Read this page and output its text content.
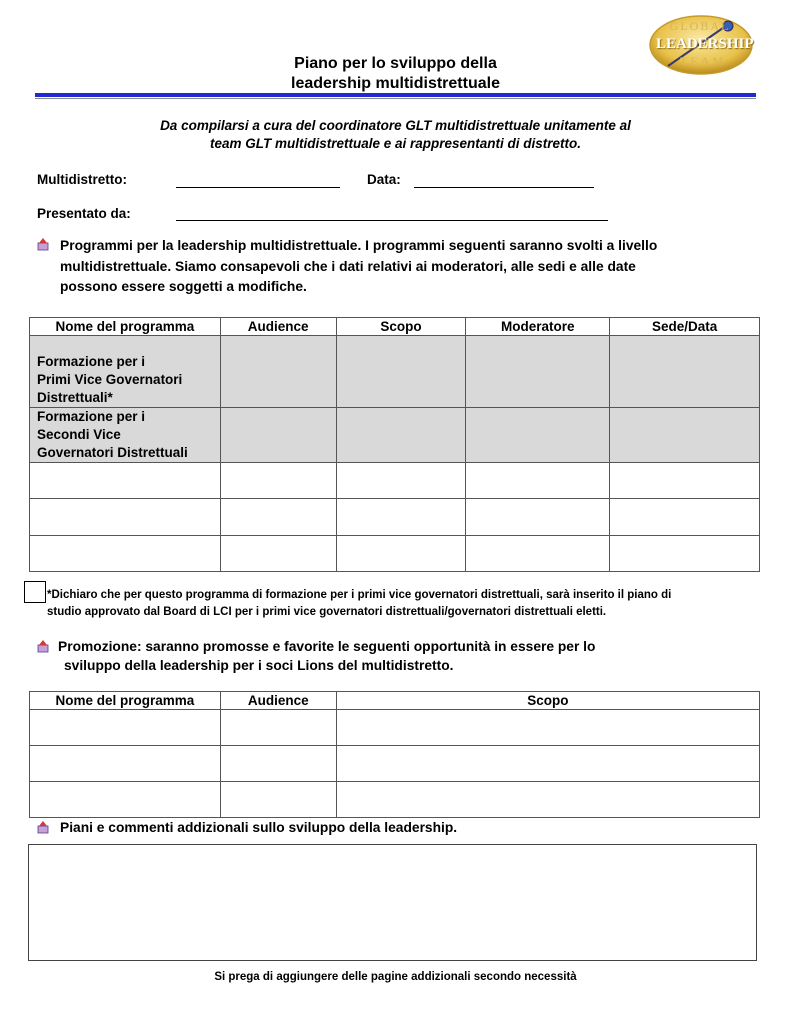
GLOBAL
LEADERSHIP
TEAM
Piano per lo sviluppo della
leadership multidistrettuale
Da compilarsi a cura del coordinatore GLT multidistrettuale unitamente al
team GLT multidistrettuale e ai rappresentanti di distretto.
Multidistretto:	Data:
Presentato da:
Programmi per la leadership multidistrettuale. I programmi seguenti saranno svolti a livello
multidistrettuale. Siamo consapevoli che i dati relativi ai moderatori, alle sedi e alle date
possono essere soggetti a modifiche.
Nome del programma	Audience	Scopo	Moderatore	Sede/Data
Formazione per i
Primi Vice Governatori
Distrettuali*				
Formazione per i
Secondi Vice
Governatori Distrettuali				

*Dichiaro che per questo programma di formazione per i primi vice governatori distrettuali, sarà inserito il piano di
studio approvato dal Board di LCI per i primi vice governatori distrettuali/governatori distrettuali eletti.
Promozione: saranno promosse e favorite le seguenti opportunità in essere per lo
sviluppo della leadership per i soci Lions del multidistretto.
Nome del programma	Audience	Scopo

Piani e commenti addizionali sullo sviluppo della leadership.
Si prega di aggiungere delle pagine addizionali secondo necessità
